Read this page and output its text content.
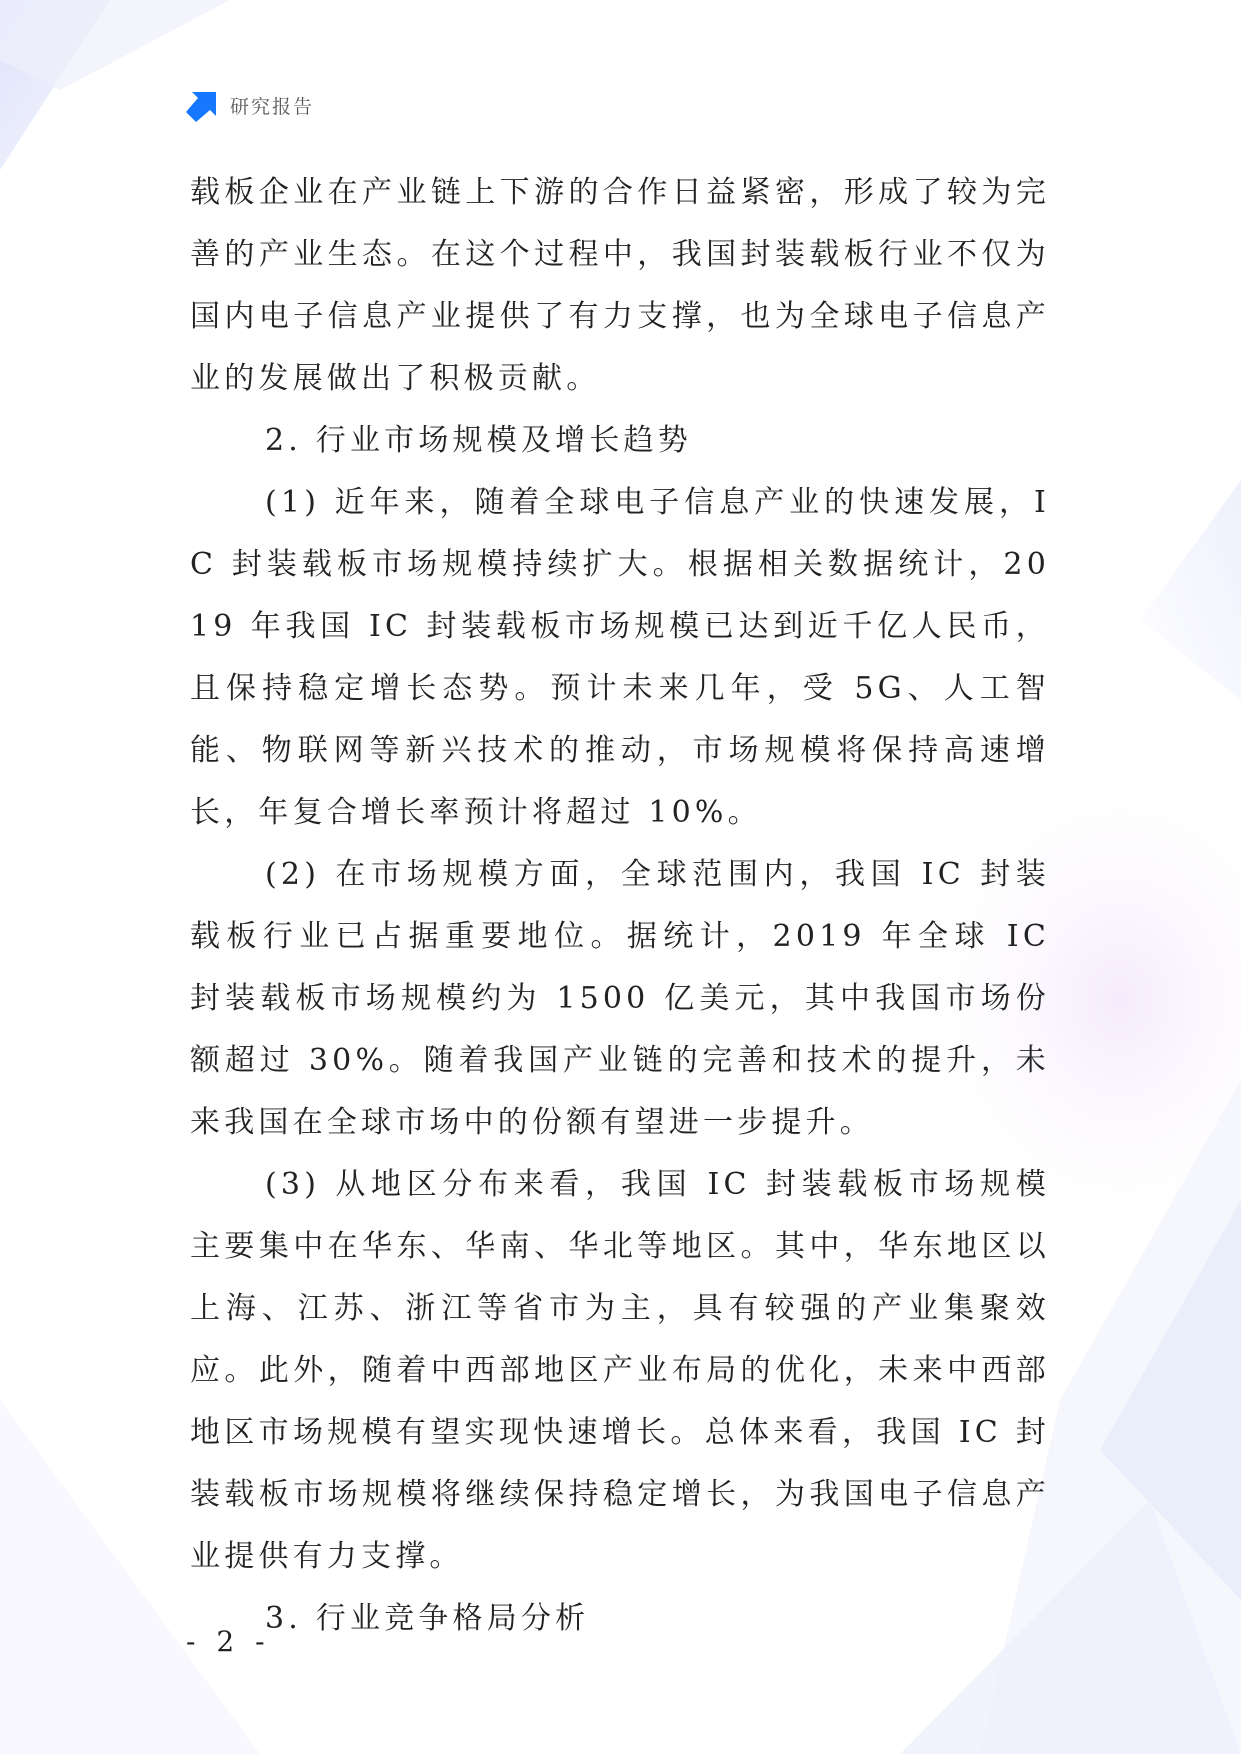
研究报告

载板企业在产业链上下游的合作日益紧密，形成了较为完善的产业生态。在这个过程中，我国封装载板行业不仅为国内电子信息产业提供了有力支撑，也为全球电子信息产业的发展做出了积极贡献。

2. 行业市场规模及增长趋势

(1) 近年来，随着全球电子信息产业的快速发展，IC 封装载板市场规模持续扩大。根据相关数据统计，2019 年我国 IC 封装载板市场规模已达到近千亿人民币，且保持稳定增长态势。预计未来几年，受 5G、人工智能、物联网等新兴技术的推动，市场规模将保持高速增长，年复合增长率预计将超过 10%。

(2) 在市场规模方面，全球范围内，我国 IC 封装载板行业已占据重要地位。据统计，2019 年全球 IC 封装载板市场规模约为 1500 亿美元，其中我国市场份额超过 30%。随着我国产业链的完善和技术的提升，未来我国在全球市场中的份额有望进一步提升。

(3) 从地区分布来看，我国 IC 封装载板市场规模主要集中在华东、华南、华北等地区。其中，华东地区以上海、江苏、浙江等省市为主，具有较强的产业集聚效应。此外，随着中西部地区产业布局的优化，未来中西部地区市场规模有望实现快速增长。总体来看，我国 IC 封装载板市场规模将继续保持稳定增长，为我国电子信息产业提供有力支撑。

3. 行业竞争格局分析

- 2 -
